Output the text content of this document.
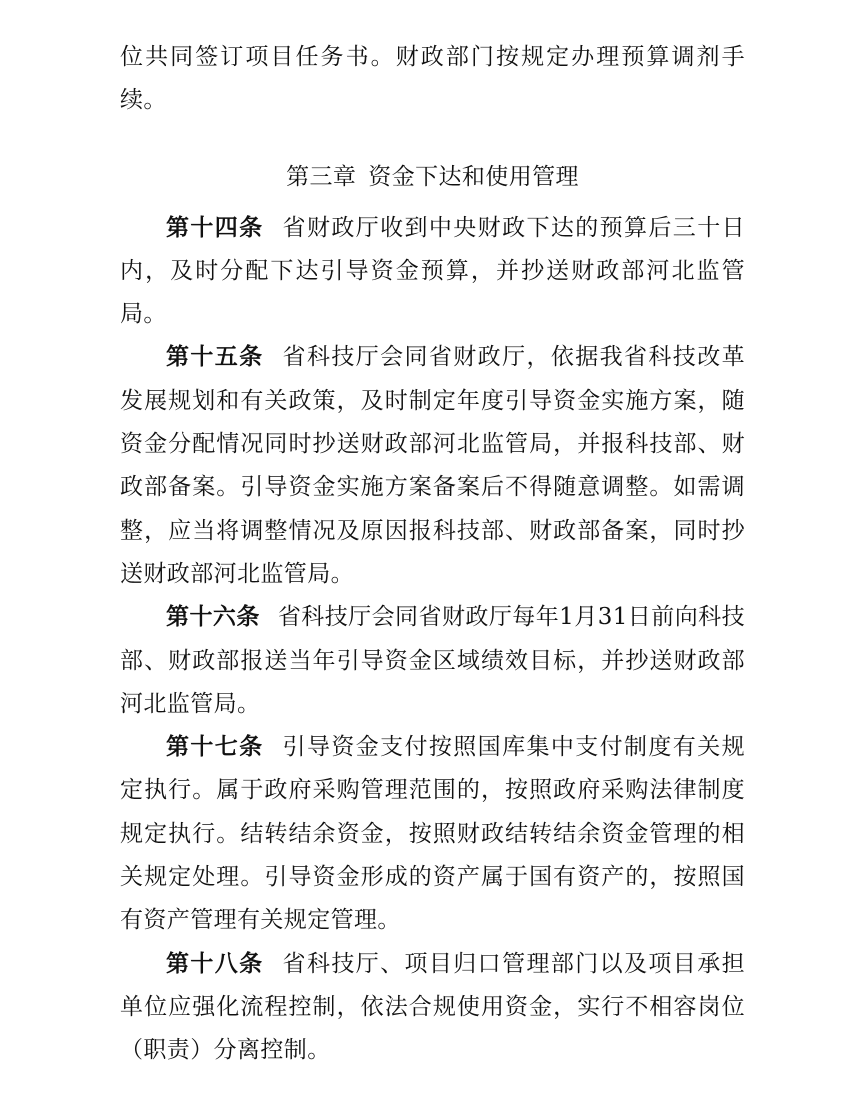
位共同签订项目任务书。财政部门按规定办理预算调剂手续。

第三章 资金下达和使用管理

第十四条 省财政厅收到中央财政下达的预算后三十日内，及时分配下达引导资金预算，并抄送财政部河北监管局。

第十五条 省科技厅会同省财政厅，依据我省科技改革发展规划和有关政策，及时制定年度引导资金实施方案，随资金分配情况同时抄送财政部河北监管局，并报科技部、财政部备案。引导资金实施方案备案后不得随意调整。如需调整，应当将调整情况及原因报科技部、财政部备案，同时抄送财政部河北监管局。

第十六条 省科技厅会同省财政厅每年1月31日前向科技部、财政部报送当年引导资金区域绩效目标，并抄送财政部河北监管局。

第十七条 引导资金支付按照国库集中支付制度有关规定执行。属于政府采购管理范围的，按照政府采购法律制度规定执行。结转结余资金，按照财政结转结余资金管理的相关规定处理。引导资金形成的资产属于国有资产的，按照国有资产管理有关规定管理。

第十八条 省科技厅、项目归口管理部门以及项目承担单位应强化流程控制，依法合规使用资金，实行不相容岗位（职责）分离控制。
